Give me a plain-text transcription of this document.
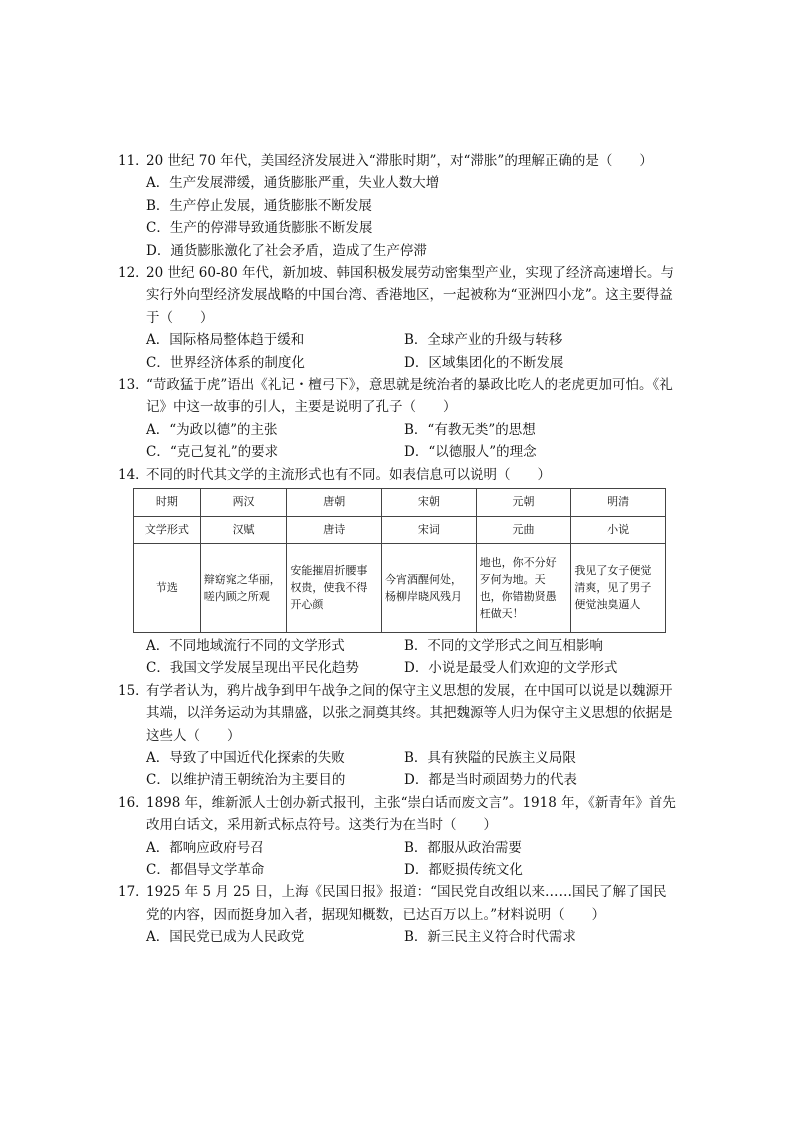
11．
20 世纪 70 年代，美国经济发展进入“滞胀时期”，对“滞胀”的理解正确的是（　　）
A．生产发展滞缓，通货膨胀严重，失业人数大增
B．生产停止发展，通货膨胀不断发展
C．生产的停滞导致通货膨胀不断发展
D．通货膨胀激化了社会矛盾，造成了生产停滞
12．
20 世纪 60-80 年代，新加坡、韩国积极发展劳动密集型产业，实现了经济高速增长。与实行外向型经济发展战略的中国台湾、香港地区，一起被称为“亚洲四小龙”。这主要得益于（　　）
A．国际格局整体趋于缓和	B．全球产业的升级与转移
C．世界经济体系的制度化	D．区域集团化的不断发展
13．
“苛政猛于虎”语出《礼记・檀弓下》，意思就是统治者的暴政比吃人的老虎更加可怕。《礼记》中这一故事的引人，主要是说明了孔子（　　）
A．“为政以德”的主张	B．“有教无类”的思想
C．“克己复礼”的要求	D．“以德服人”的理念
14．
不同的时代其文学的主流形式也有不同。如表信息可以说明（　　）
时期	两汉	唐朝	宋朝	元朝	明清
文学形式	汉赋	唐诗	宋词	元曲	小说
节选	辩窈窕之华丽，嗟内顾之所观	安能摧眉折腰事权贵，使我不得开心颜	今宵酒醒何处，杨柳岸晓风残月	地也，你不分好歹何为地。天也，你错勘贤愚枉做天！	我见了女子便觉清爽，见了男子便觉浊臭逼人
A．不同地域流行不同的文学形式	B．不同的文学形式之间互相影响
C．我国文学发展呈现出平民化趋势	D．小说是最受人们欢迎的文学形式
15．
有学者认为，鸦片战争到甲午战争之间的保守主义思想的发展，在中国可以说是以魏源开其端，以洋务运动为其鼎盛，以张之洞奠其终。其把魏源等人归为保守主义思想的依据是这些人（　　）
A．导致了中国近代化探索的失败	B．具有狭隘的民族主义局限
C．以维护清王朝统治为主要目的	D．都是当时顽固势力的代表
16．
1898 年，维新派人士创办新式报刊，主张“崇白话而废文言”。1918 年，《新青年》首先改用白话文，采用新式标点符号。这类行为在当时（　　）
A．都响应政府号召	B．都服从政治需要
C．都倡导文学革命	D．都贬损传统文化
17．
1925 年 5 月 25 日，上海《民国日报》报道：“国民党自改组以来……国民了解了国民党的内容，因而挺身加入者，据现知概数，已达百万以上。”材料说明（　　）
A．国民党已成为人民政党	B．新三民主义符合时代需求
